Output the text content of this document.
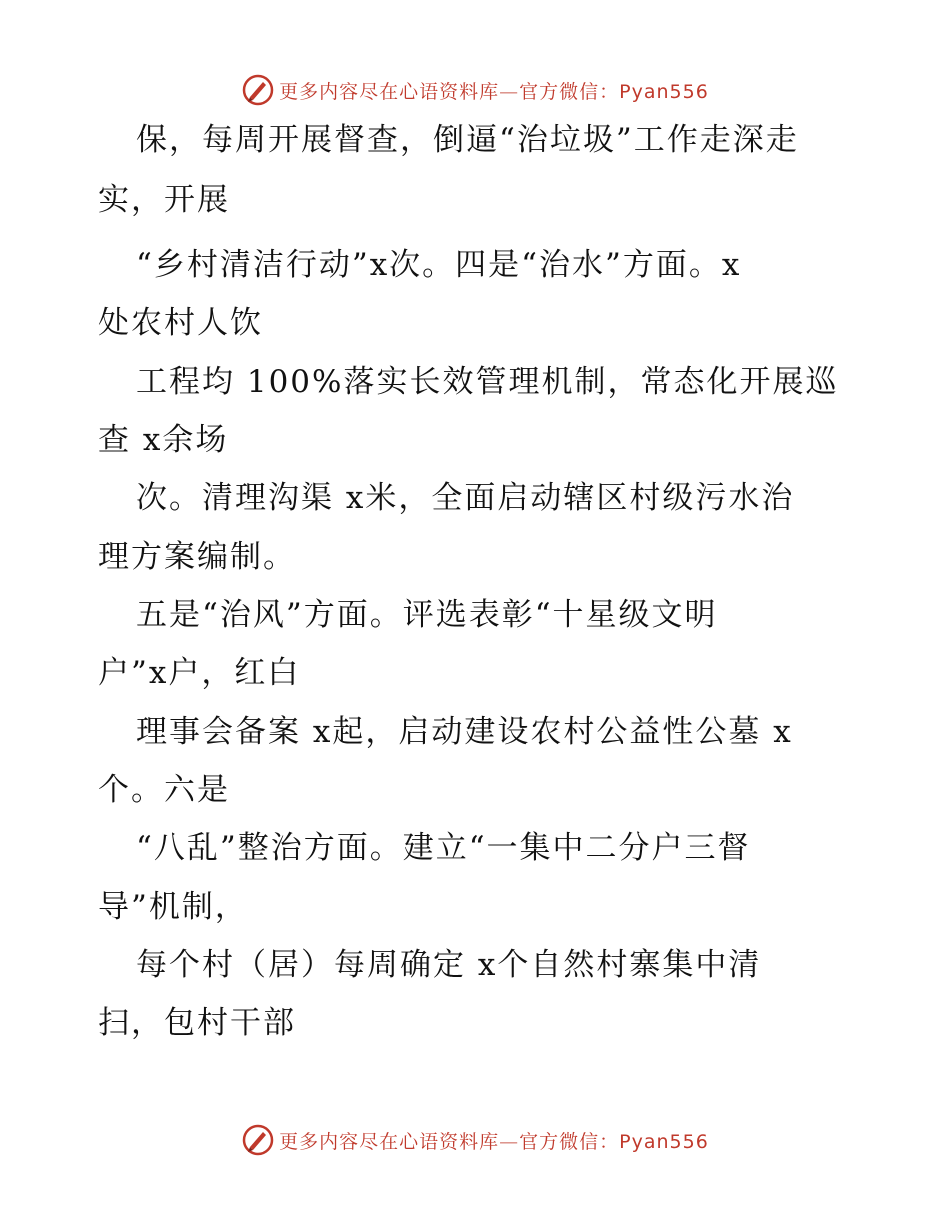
更多内容尽在心语资料库—官方微信：Pyan556
保，每周开展督查，倒逼“治垃圾”工作走深走
实，开展
“乡村清洁行动”x次。四是“治水”方面。x
处农村人饮
工程均 100%落实长效管理机制，常态化开展巡
查 x余场
次。清理沟渠 x米，全面启动辖区村级污水治
理方案编制。
五是“治风”方面。评选表彰“十星级文明
户”x户，红白
理事会备案 x起，启动建设农村公益性公墓 x
个。六是
“八乱”整治方面。建立“一集中二分户三督
导”机制，
每个村（居）每周确定 x个自然村寨集中清
扫，包村干部
更多内容尽在心语资料库—官方微信：Pyan556
